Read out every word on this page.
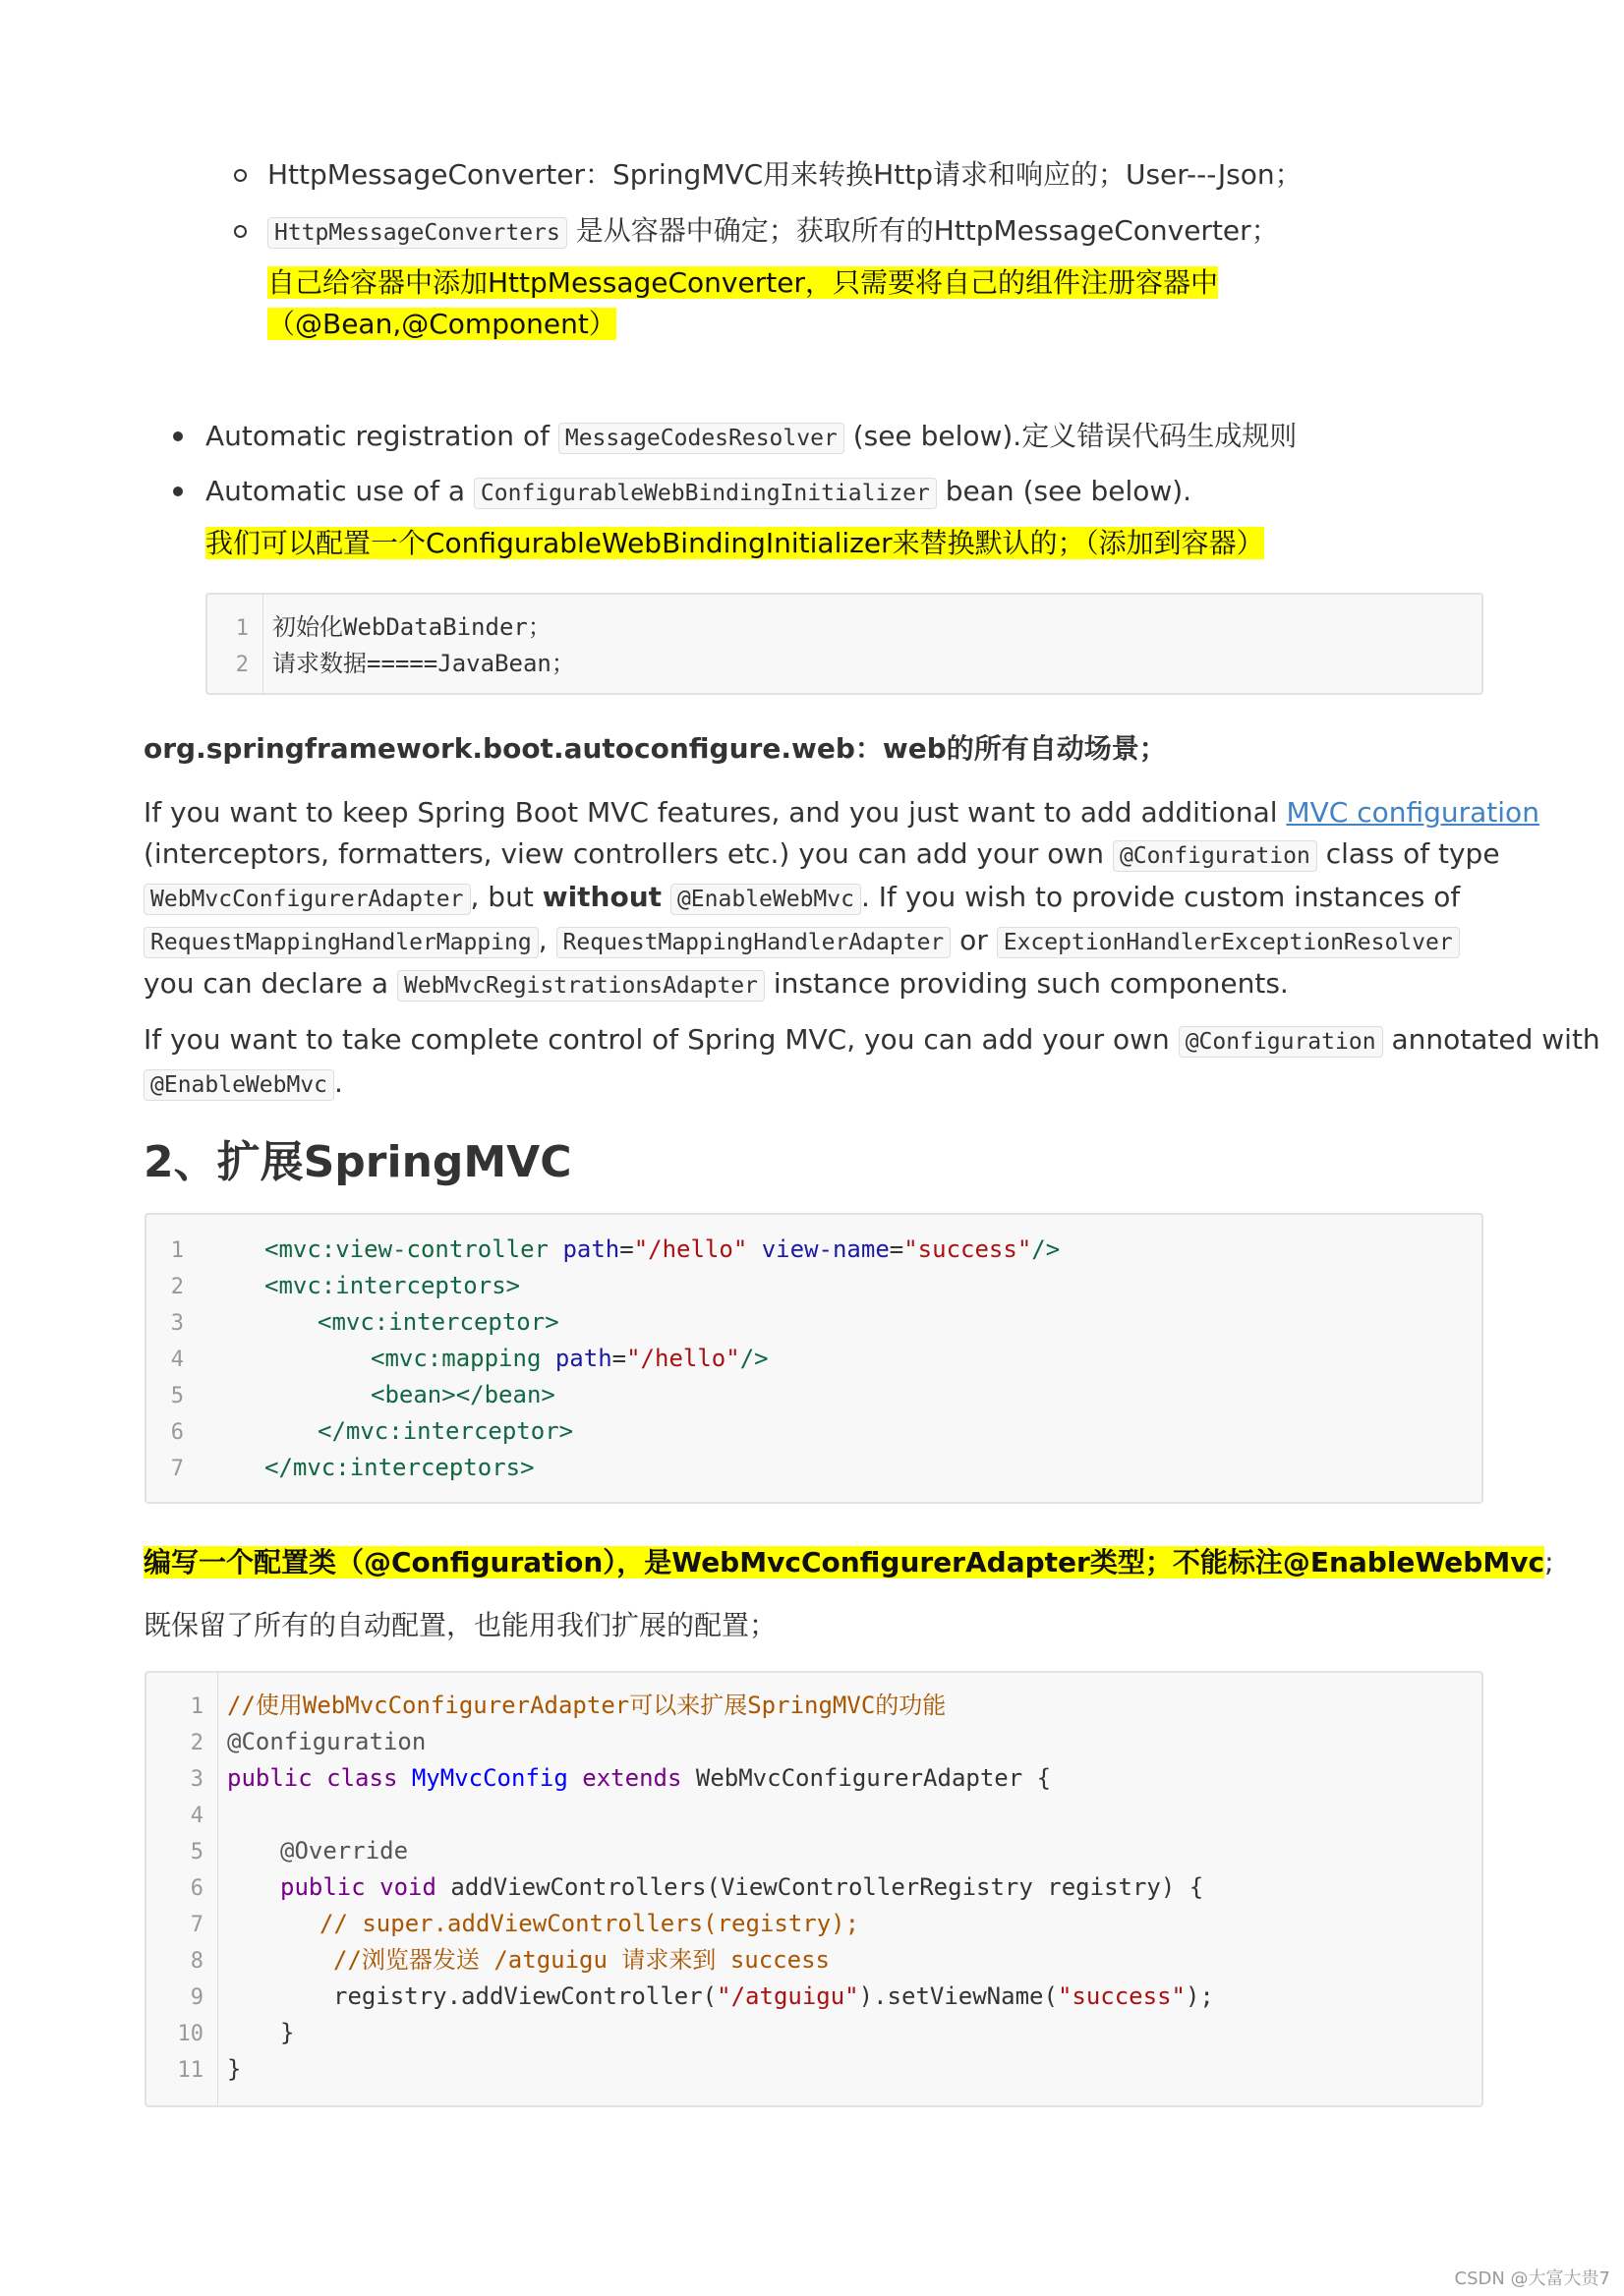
HttpMessageConverter：SpringMVC用来转换Http请求和响应的；User---Json；
HttpMessageConverters 是从容器中确定；获取所有的HttpMessageConverter；
自己给容器中添加HttpMessageConverter，只需要将自己的组件注册容器中
（@Bean,@Component）
Automatic registration of MessageCodesResolver (see below).定义错误代码生成规则
Automatic use of a ConfigurableWebBindingInitializer bean (see below).
我们可以配置一个ConfigurableWebBindingInitializer来替换默认的；（添加到容器）
1
2
初始化WebDataBinder；
请求数据=====JavaBean；
org.springframework.boot.autoconfigure.web：web的所有自动场景；
If you want to keep Spring Boot MVC features, and you just want to add additional MVC configuration
(interceptors, formatters, view controllers etc.) you can add your own @Configuration class of type
WebMvcConfigurerAdapter , but without @EnableWebMvc . If you wish to provide custom instances of
RequestMappingHandlerMapping , RequestMappingHandlerAdapter or ExceptionHandlerExceptionResolver
you can declare a WebMvcRegistrationsAdapter instance providing such components.
If you want to take complete control of Spring MVC, you can add your own @Configuration annotated with
@EnableWebMvc .
2、扩展SpringMVC
1
2
3
4
5
6
7
<mvc:view-controller path="/hello" view-name="success"/>
<mvc:interceptors>
<mvc:interceptor>
<mvc:mapping path="/hello"/>
<bean></bean>
</mvc:interceptor>
</mvc:interceptors>
编写一个配置类（@Configuration），是WebMvcConfigurerAdapter类型；不能标注@EnableWebMvc;
既保留了所有的自动配置，也能用我们扩展的配置；
1
2
3
4
5
6
7
8
9
10
11
//使用WebMvcConfigurerAdapter可以来扩展SpringMVC的功能
@Configuration
public class MyMvcConfig extends WebMvcConfigurerAdapter {
@Override
public void addViewControllers(ViewControllerRegistry registry) {
// super.addViewControllers(registry);
//浏览器发送 /atguigu 请求来到 success
registry.addViewController("/atguigu").setViewName("success");
}
}
CSDN @大富大贵7
